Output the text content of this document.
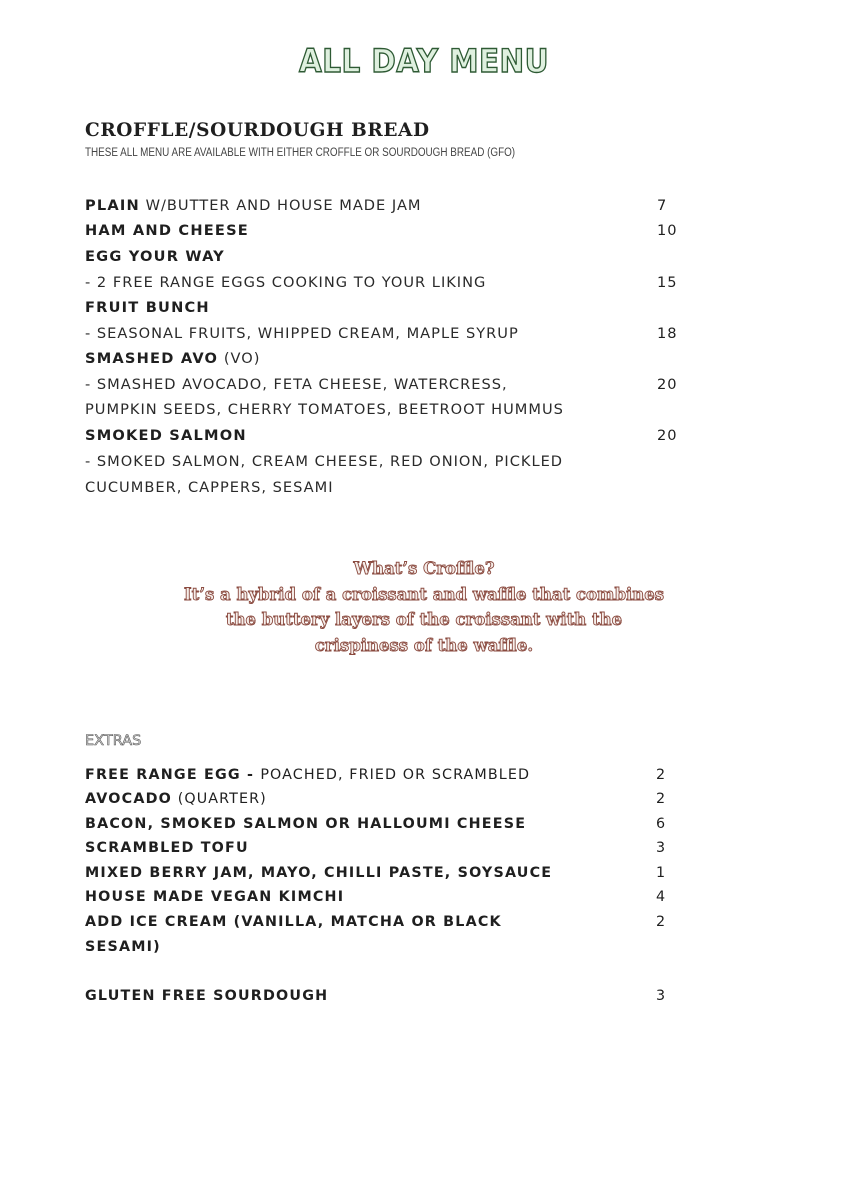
ALL DAY MENU
CROFFLE/SOURDOUGH BREAD
THESE ALL MENU ARE AVAILABLE WITH EITHER CROFFLE OR SOURDOUGH BREAD (GFO)
PLAIN W/BUTTER AND HOUSE MADE JAM	7
HAM AND CHEESE	10
EGG YOUR WAY
- 2 FREE RANGE EGGS COOKING TO YOUR LIKING	15
FRUIT BUNCH
- SEASONAL FRUITS, WHIPPED CREAM, MAPLE SYRUP	18
SMASHED AVO (VO)
- SMASHED AVOCADO, FETA CHEESE, WATERCRESS,	20
PUMPKIN SEEDS, CHERRY TOMATOES, BEETROOT HUMMUS
SMOKED SALMON	20
- SMOKED SALMON, CREAM CHEESE, RED ONION, PICKLED
CUCUMBER, CAPPERS, SESAMI
What’s Croffle?
It’s a hybrid of a croissant and waffle that combines
the buttery layers of the croissant with the
crispiness of the waffle.
EXTRAS
FREE RANGE EGG - POACHED, FRIED OR SCRAMBLED	2
AVOCADO (QUARTER)	2
BACON, SMOKED SALMON OR HALLOUMI CHEESE	6
SCRAMBLED TOFU	3
MIXED BERRY JAM, MAYO, CHILLI PASTE, SOYSAUCE	1
HOUSE MADE VEGAN KIMCHI	4
ADD ICE CREAM (VANILLA, MATCHA OR BLACK	2
SESAMI)
GLUTEN FREE SOURDOUGH	3
